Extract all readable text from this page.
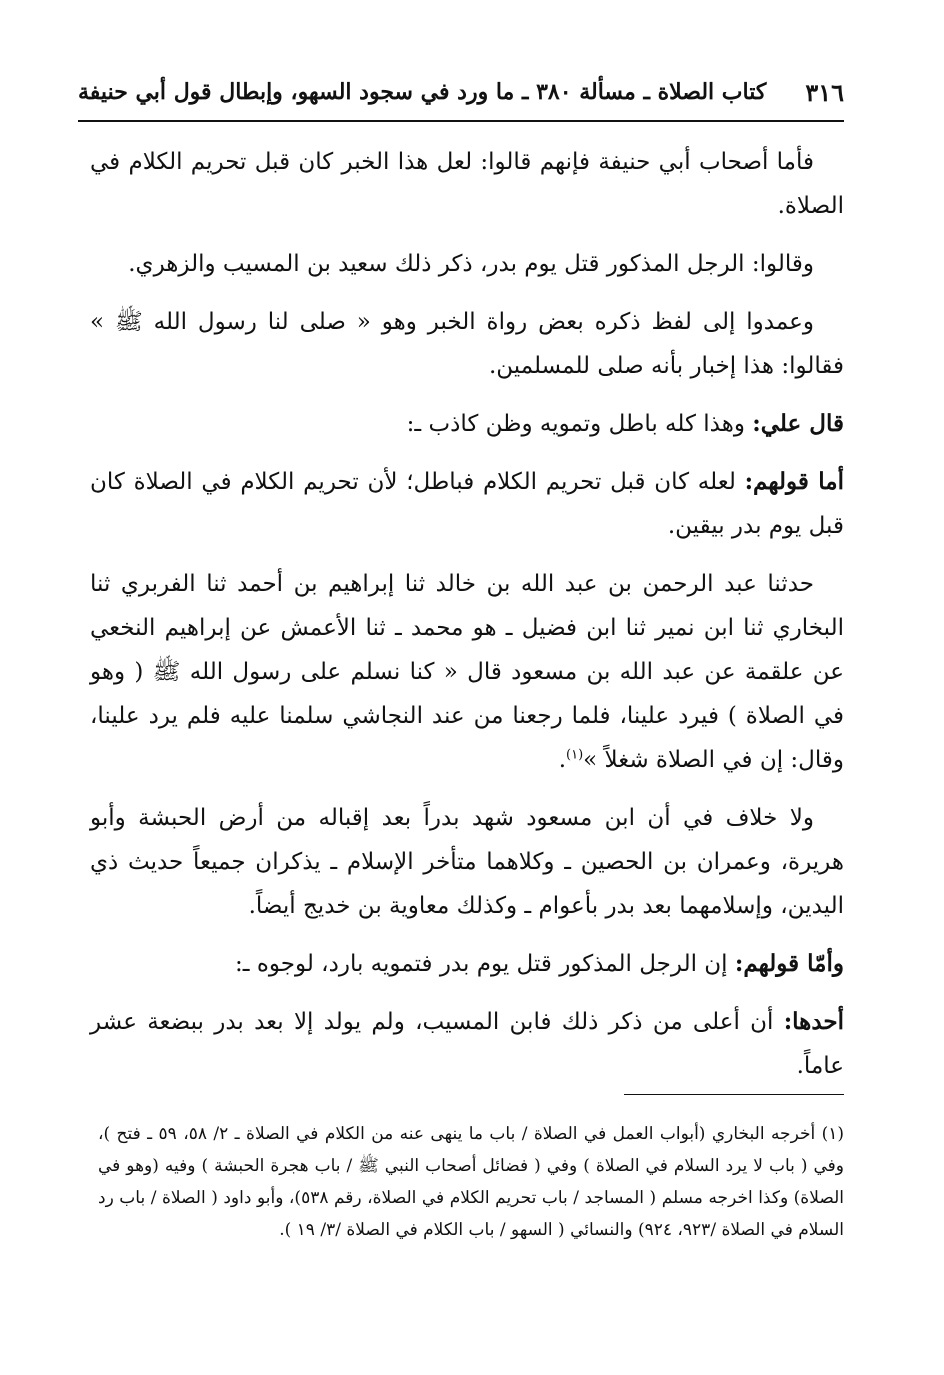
٣١٦
كتاب الصلاة ـ مسألة ٣٨٠ ـ ما ورد في سجود السهو، وإبطال قول أبي حنيفة

فأما أصحاب أبي حنيفة فإنهم قالوا: لعل هذا الخبر كان قبل تحريم الكلام في الصلاة.

وقالوا: الرجل المذكور قتل يوم بدر، ذكر ذلك سعيد بن المسيب والزهري.

وعمدوا إلى لفظ ذكره بعض رواة الخبر وهو « صلى لنا رسول الله ﷺ » فقالوا: هذا إخبار بأنه صلى للمسلمين.

قال علي: وهذا كله باطل وتمويه وظن كاذب ـ:

أما قولهم: لعله كان قبل تحريم الكلام فباطل؛ لأن تحريم الكلام في الصلاة كان قبل يوم بدر بيقين.

حدثنا عبد الرحمن بن عبد الله بن خالد ثنا إبراهيم بن أحمد ثنا الفربري ثنا البخاري ثنا ابن نمير ثنا ابن فضيل ـ هو محمد ـ ثنا الأعمش عن إبراهيم النخعي عن علقمة عن عبد الله بن مسعود قال « كنا نسلم على رسول الله ﷺ ( وهو في الصلاة ) فيرد علينا، فلما رجعنا من عند النجاشي سلمنا عليه فلم يرد علينا، وقال: إن في الصلاة شغلاً »$^{(١)}$.

ولا خلاف في أن ابن مسعود شهد بدراً بعد إقباله من أرض الحبشة وأبو هريرة، وعمران بن الحصين ـ وكلاهما متأخر الإسلام ـ يذكران جميعاً حديث ذي اليدين، وإسلامهما بعد بدر بأعوام ـ وكذلك معاوية بن خديج أيضاً.

وأمّا قولهم: إن الرجل المذكور قتل يوم بدر فتمويه بارد، لوجوه ـ:

أحدها: أن أعلى من ذكر ذلك فابن المسيب، ولم يولد إلا بعد بدر ببضعة عشر عاماً.

(١) أخرجه البخاري (أبواب العمل في الصلاة / باب ما ينهى عنه من الكلام في الصلاة ـ ٢/ ٥٨، ٥٩ ـ فتح )، وفي ( باب لا يرد السلام في الصلاة ) وفي ( فضائل أصحاب النبي ﷺ / باب هجرة الحبشة ) وفيه (وهو في الصلاة) وكذا اخرجه مسلم ( المساجد / باب تحريم الكلام في الصلاة، رقم ٥٣٨)، وأبو داود ( الصلاة / باب رد السلام في الصلاة /٩٢٣، ٩٢٤) والنسائي ( السهو / باب الكلام في الصلاة /٣/ ١٩ ).
